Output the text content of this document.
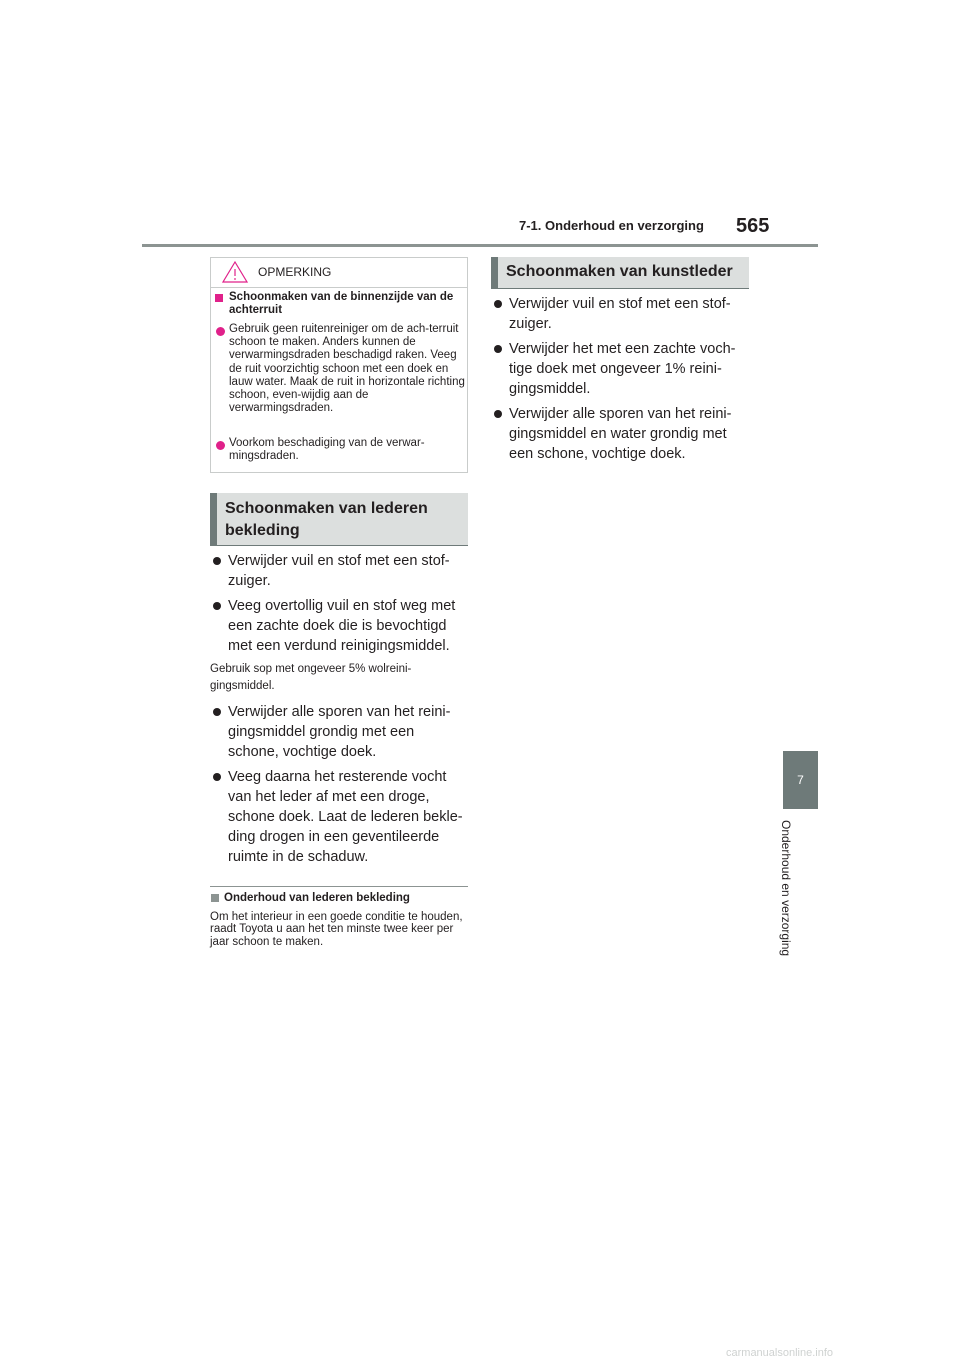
7-1. Onderhoud en verzorging 565
7
Onderhoud en verzorging
OPMERKING
Schoonmaken van de binnenzijde van de achterruit
Gebruik geen ruitenreiniger om de ach-terruit schoon te maken. Anders kunnen de verwarmingsdraden beschadigd raken. Veeg de ruit voorzichtig schoon met een doek en lauw water. Maak de ruit in horizontale richting schoon, even-wijdig aan de verwarmingsdraden.
Voorkom beschadiging van de verwar-mingsdraden.
Schoonmaken van lederen bekleding
Verwijder vuil en stof met een stof-zuiger.
Veeg overtollig vuil en stof weg met een zachte doek die is bevochtigd met een verdund reinigingsmiddel.
Gebruik sop met ongeveer 5% wolreini-gingsmiddel.
Verwijder alle sporen van het reini-gingsmiddel grondig met een schone, vochtige doek.
Veeg daarna het resterende vocht van het leder af met een droge, schone doek. Laat de lederen bekle-ding drogen in een geventileerde ruimte in de schaduw.
Onderhoud van lederen bekleding
Om het interieur in een goede conditie te houden, raadt Toyota u aan het ten minste twee keer per jaar schoon te maken.
Schoonmaken van kunstleder
Verwijder vuil en stof met een stof-zuiger.
Verwijder het met een zachte voch-tige doek met ongeveer 1% reini-gingsmiddel.
Verwijder alle sporen van het reini-gingsmiddel en water grondig met een schone, vochtige doek.
carmanualsonline.info
